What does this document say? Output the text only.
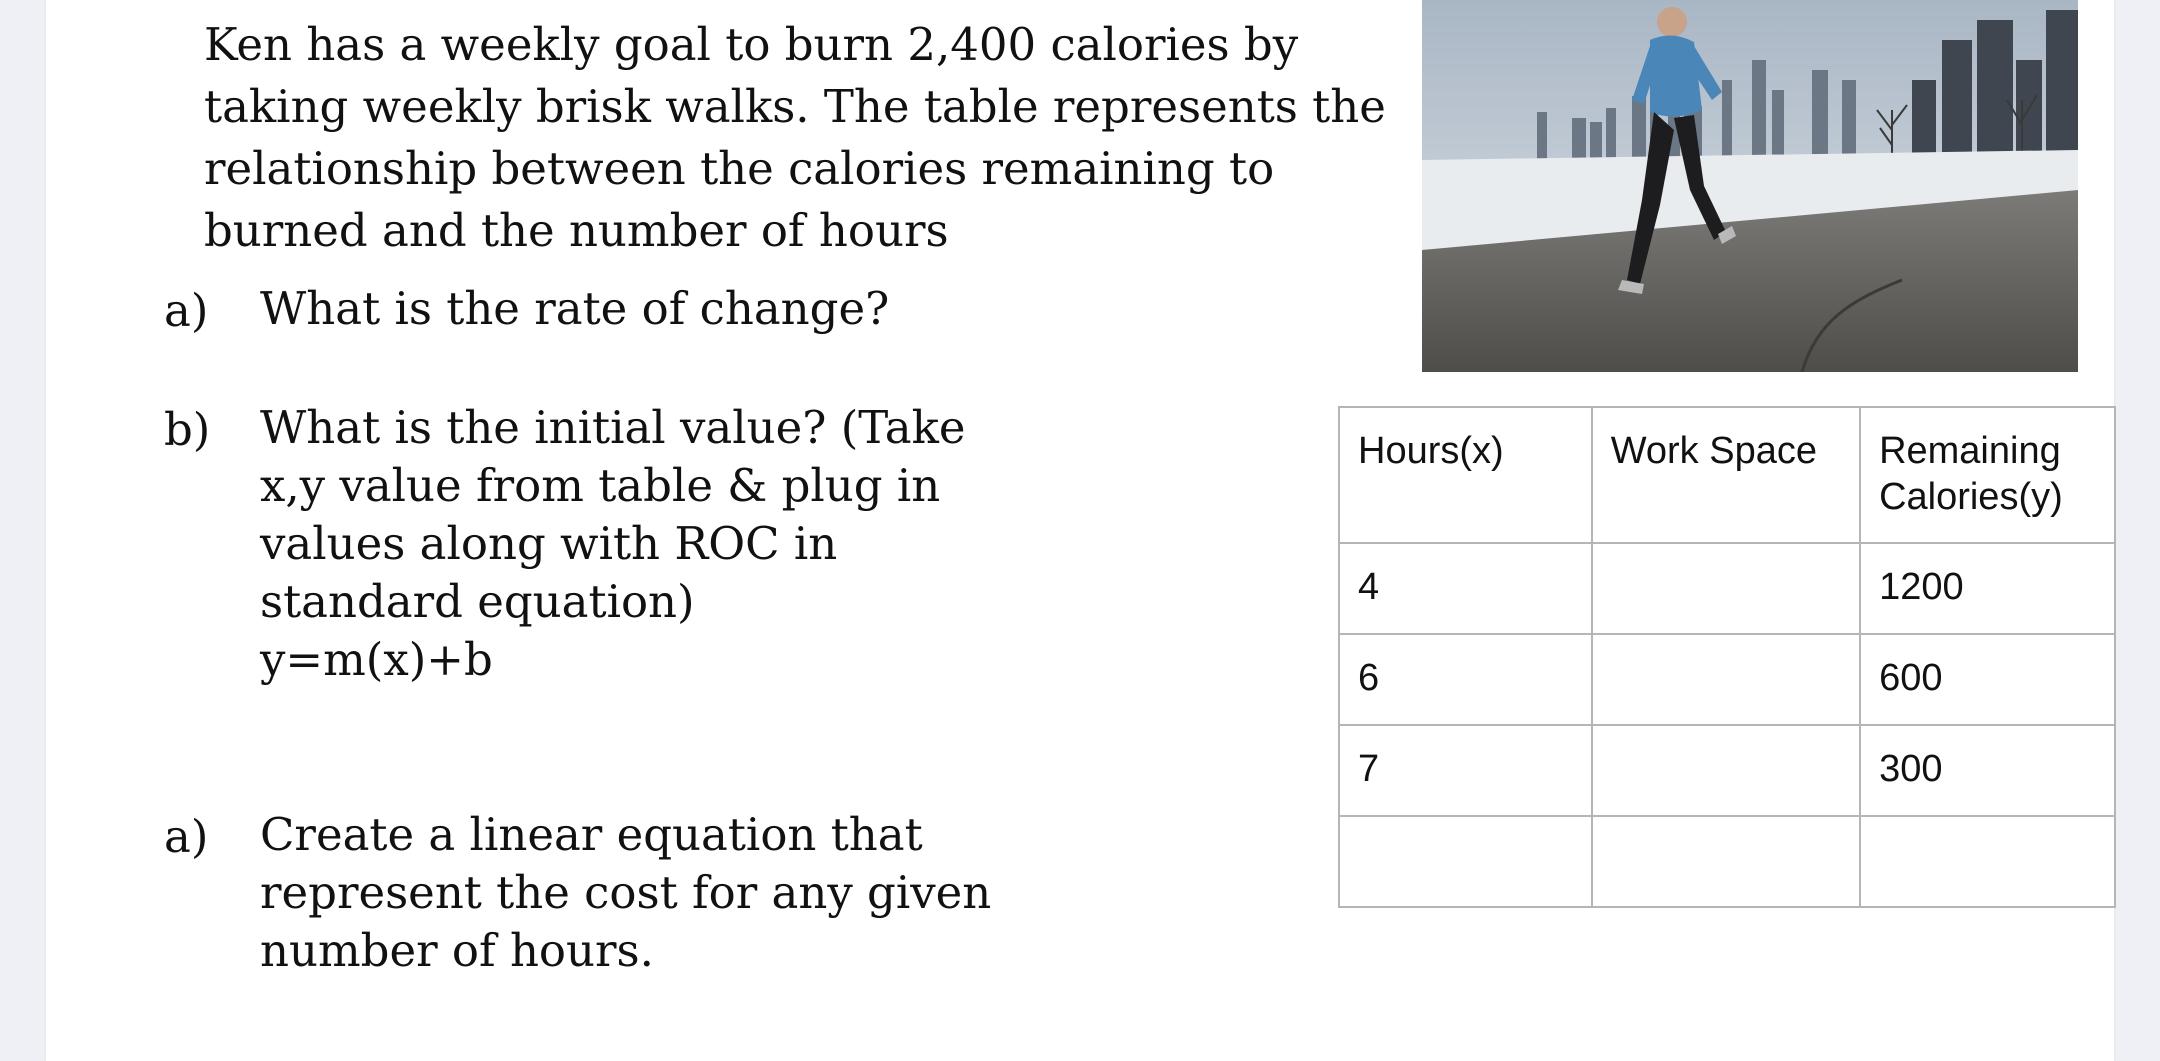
Ken has a weekly goal to burn 2,400 calories by taking weekly brisk walks. The table represents the relationship between the calories remaining to burned and the number of hours

a)	What is the rate of change?
b)	What is the initial value? (Take x,y value from table & plug in values along with ROC in standard equation)
y=m(x)+b
a)	Create a linear equation that represent the cost for any given number of hours.
Hours(x)	Work Space	Remaining Calories(y)
4		1200
6		600
7		300
